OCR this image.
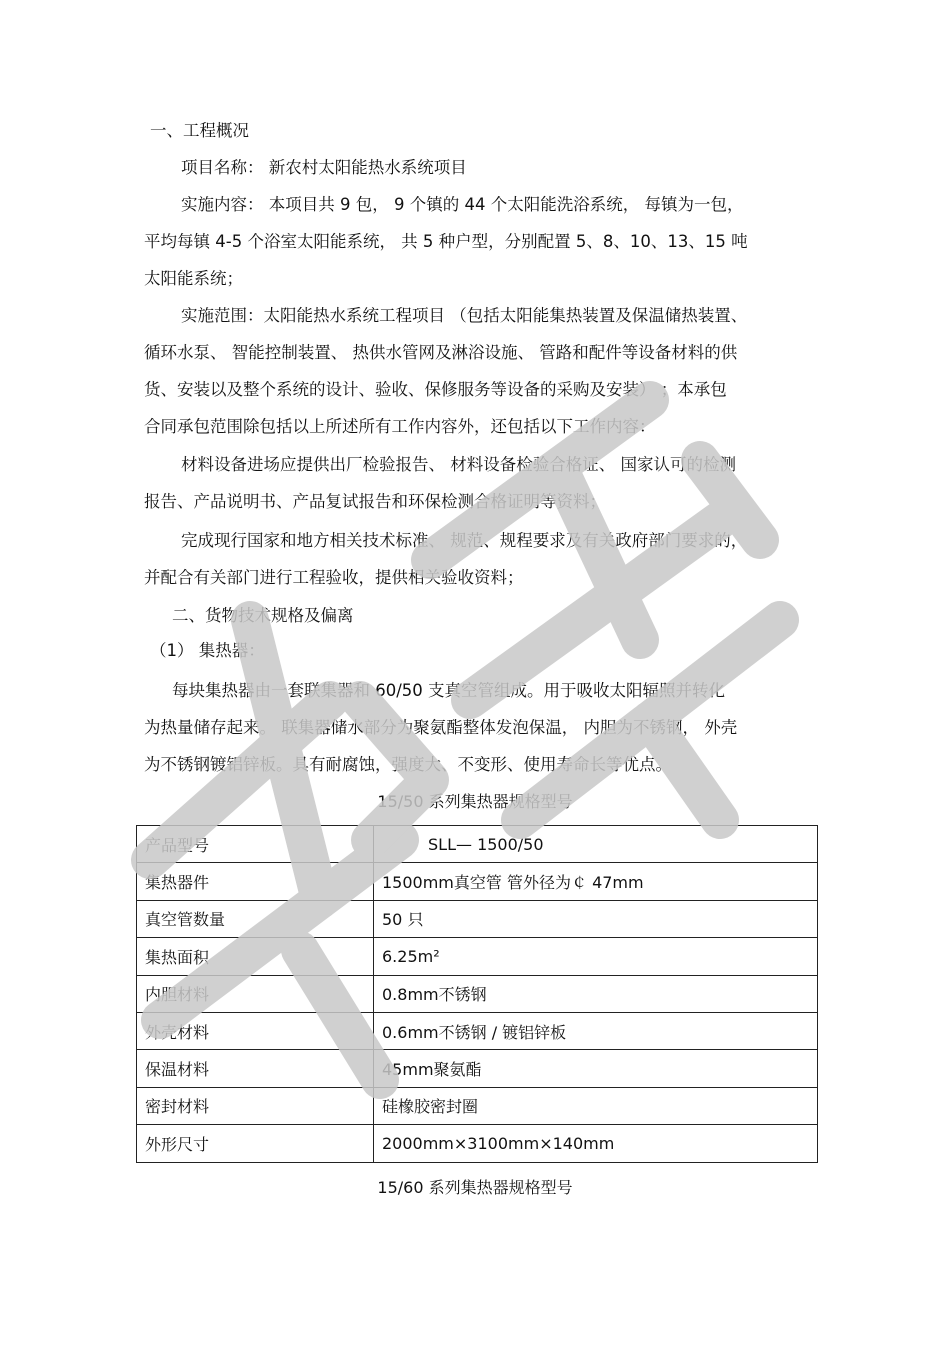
一、工程概况
项目名称： 新农村太阳能热水系统项目
实施内容： 本项目共 9 包， 9 个镇的 44 个太阳能洗浴系统， 每镇为一包，
平均每镇 4-5 个浴室太阳能系统， 共 5 种户型，分别配置 5、8、10、13、15 吨
太阳能系统；
实施范围：太阳能热水系统工程项目 （包括太阳能集热装置及保温储热装置、
循环水泵、 智能控制装置、 热供水管网及淋浴设施、 管路和配件等设备材料的供
货、安装以及整个系统的设计、验收、保修服务等设备的采购及安装） ；本承包
合同承包范围除包括以上所述所有工作内容外，还包括以下工作内容：
材料设备进场应提供出厂检验报告、 材料设备检验合格证、 国家认可的检测
报告、产品说明书、产品复试报告和环保检测合格证明等资料；
完成现行国家和地方相关技术标准、 规范、规程要求及有关政府部门要求的，
并配合有关部门进行工程验收，提供相关验收资料；
二、货物技术规格及偏离
（1） 集热器：
每块集热器由一套联集器和 60/50 支真空管组成。用于吸收太阳辐照并转化
为热量储存起来。 联集器储水部分为聚氨酯整体发泡保温， 内胆为不锈钢， 外壳
为不锈钢镀铝锌板。具有耐腐蚀，强度大、不变形、使用寿命长等优点。
15/50 系列集热器规格型号
产品型号	SLL— 1500/50
集热器件	1500mm真空管 管外径为￠ 47mm
真空管数量	50 只
集热面积	6.25m²
内胆材料	0.8mm不锈钢
外壳材料	0.6mm不锈钢 / 镀铝锌板
保温材料	45mm聚氨酯
密封材料	硅橡胶密封圈
外形尺寸	2000mm×3100mm×140mm
15/60 系列集热器规格型号
